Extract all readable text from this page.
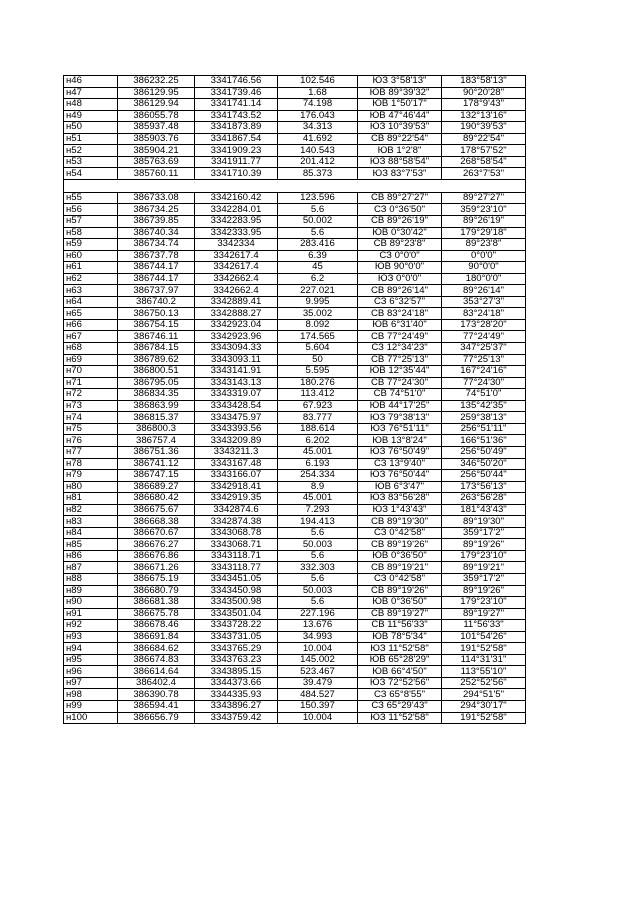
н46	386232.25	3341746.56	102.546	ЮЗ 3°58'13"	183°58'13"
н47	386129.95	3341739.46	1.68	ЮВ 89°39'32"	90°20'28"
н48	386129.94	3341741.14	74.198	ЮВ 1°50'17"	178°9'43"
н49	386055.78	3341743.52	176.043	ЮВ 47°46'44"	132°13'16"
н50	385937.48	3341873.89	34.313	ЮЗ 10°39'53"	190°39'53"
н51	385903.76	3341867.54	41.692	СВ 89°22'54"	89°22'54"
н52	385904.21	3341909.23	140.543	ЮВ 1°2'8"	178°57'52"
н53	385763.69	3341911.77	201.412	ЮЗ 88°58'54"	268°58'54"
н54	385760.11	3341710.39	85.373	ЮЗ 83°7'53"	263°7'53"

н55	386733.08	3342160.42	123.596	СВ 89°27'27"	89°27'27"
н56	386734.25	3342284.01	5.6	СЗ 0°36'50"	359°23'10"
н57	386739.85	3342283.95	50.002	СВ 89°26'19"	89°26'19"
н58	386740.34	3342333.95	5.6	ЮВ 0°30'42"	179°29'18"
н59	386734.74	3342334	283.416	СВ 89°23'8"	89°23'8"
н60	386737.78	3342617.4	6.39	СЗ 0°0'0"	0°0'0"
н61	386744.17	3342617.4	45	ЮВ 90°0'0"	90°0'0"
н62	386744.17	3342662.4	6.2	ЮЗ 0°0'0"	180°0'0"
н63	386737.97	3342662.4	227.021	СВ 89°26'14"	89°26'14"
н64	386740.2	3342889.41	9.995	СЗ 6°32'57"	353°27'3"
н65	386750.13	3342888.27	35.002	СВ 83°24'18"	83°24'18"
н66	386754.15	3342923.04	8.092	ЮВ 6°31'40"	173°28'20"
н67	386746.11	3342923.96	174.565	СВ 77°24'49"	77°24'49"
н68	386784.15	3343094.33	5.604	СЗ 12°34'23"	347°25'37"
н69	386789.62	3343093.11	50	СВ 77°25'13"	77°25'13"
н70	386800.51	3343141.91	5.595	ЮВ 12°35'44"	167°24'16"
н71	386795.05	3343143.13	180.276	СВ 77°24'30"	77°24'30"
н72	386834.35	3343319.07	113.412	СВ 74°51'0"	74°51'0"
н73	386863.99	3343428.54	67.923	ЮВ 44°17'25"	135°42'35"
н74	386815.37	3343475.97	83.777	ЮЗ 79°38'13"	259°38'13"
н75	386800.3	3343393.56	188.614	ЮЗ 76°51'11"	256°51'11"
н76	386757.4	3343209.89	6.202	ЮВ 13°8'24"	166°51'36"
н77	386751.36	3343211.3	45.001	ЮЗ 76°50'49"	256°50'49"
н78	386741.12	3343167.48	6.193	СЗ 13°9'40"	346°50'20"
н79	386747.15	3343166.07	254.334	ЮЗ 76°50'44"	256°50'44"
н80	386689.27	3342918.41	8.9	ЮВ 6°3'47"	173°56'13"
н81	386680.42	3342919.35	45.001	ЮЗ 83°56'28"	263°56'28"
н82	386675.67	3342874.6	7.293	ЮЗ 1°43'43"	181°43'43"
н83	386668.38	3342874.38	194.413	СВ 89°19'30"	89°19'30"
н84	386670.67	3343068.78	5.6	СЗ 0°42'58"	359°17'2"
н85	386676.27	3343068.71	50.003	СВ 89°19'26"	89°19'26"
н86	386676.86	3343118.71	5.6	ЮВ 0°36'50"	179°23'10"
н87	386671.26	3343118.77	332.303	СВ 89°19'21"	89°19'21"
н88	386675.19	3343451.05	5.6	СЗ 0°42'58"	359°17'2"
н89	386680.79	3343450.98	50.003	СВ 89°19'26"	89°19'26"
н90	386681.38	3343500.98	5.6	ЮВ 0°36'50"	179°23'10"
н91	386675.78	3343501.04	227.196	СВ 89°19'27"	89°19'27"
н92	386678.46	3343728.22	13.676	СВ 11°56'33"	11°56'33"
н93	386691.84	3343731.05	34.993	ЮВ 78°5'34"	101°54'26"
н94	386684.62	3343765.29	10.004	ЮЗ 11°52'58"	191°52'58"
н95	386674.83	3343763.23	145.002	ЮВ 65°28'29"	114°31'31"
н96	386614.64	3343895.15	523.467	ЮВ 66°4'50"	113°55'10"
н97	386402.4	3344373.66	39.479	ЮЗ 72°52'56"	252°52'56"
н98	386390.78	3344335.93	484.527	СЗ 65°8'55"	294°51'5"
н99	386594.41	3343896.27	150.397	СЗ 65°29'43"	294°30'17"
н100	386656.79	3343759.42	10.004	ЮЗ 11°52'58"	191°52'58"
